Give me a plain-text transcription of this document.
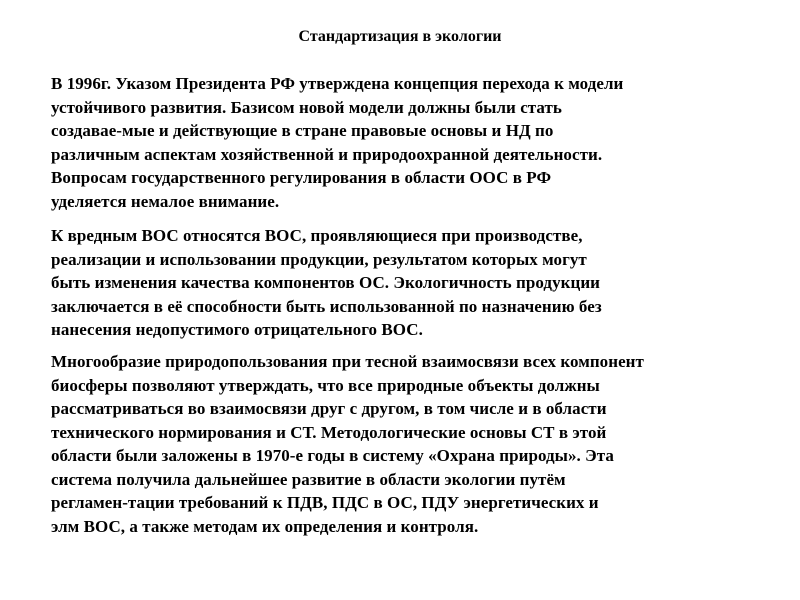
Стандартизация в экологии

В 1996г. Указом Президента РФ утверждена концепция перехода к модели
устойчивого развития. Базисом новой модели должны были стать
создавае-мые и действующие в стране правовые основы и НД по
различным аспектам хозяйственной и природоохранной деятельности.
Вопросам государственного регулирования в области ООС в РФ
уделяется немалое внимание.

К вредным ВОС относятся ВОС, проявляющиеся при производстве,
реализации и использовании продукции, результатом которых могут
быть изменения качества компонентов ОС. Экологичность продукции
заключается в её способности быть использованной по назначению без
нанесения недопустимого отрицательного ВОС.

Многообразие природопользования при тесной взаимосвязи всех компонент
биосферы позволяют утверждать, что все природные объекты должны
рассматриваться во взаимосвязи друг с другом, в том числе и в области
технического нормирования и СТ. Методологические основы СТ в этой
области были заложены в 1970-е годы в систему «Охрана природы». Эта
система получила дальнейшее развитие в области экологии путём
регламен-тации требований к ПДВ, ПДС в ОС, ПДУ энергетических и
элм ВОС, а также методам их определения и контроля.
